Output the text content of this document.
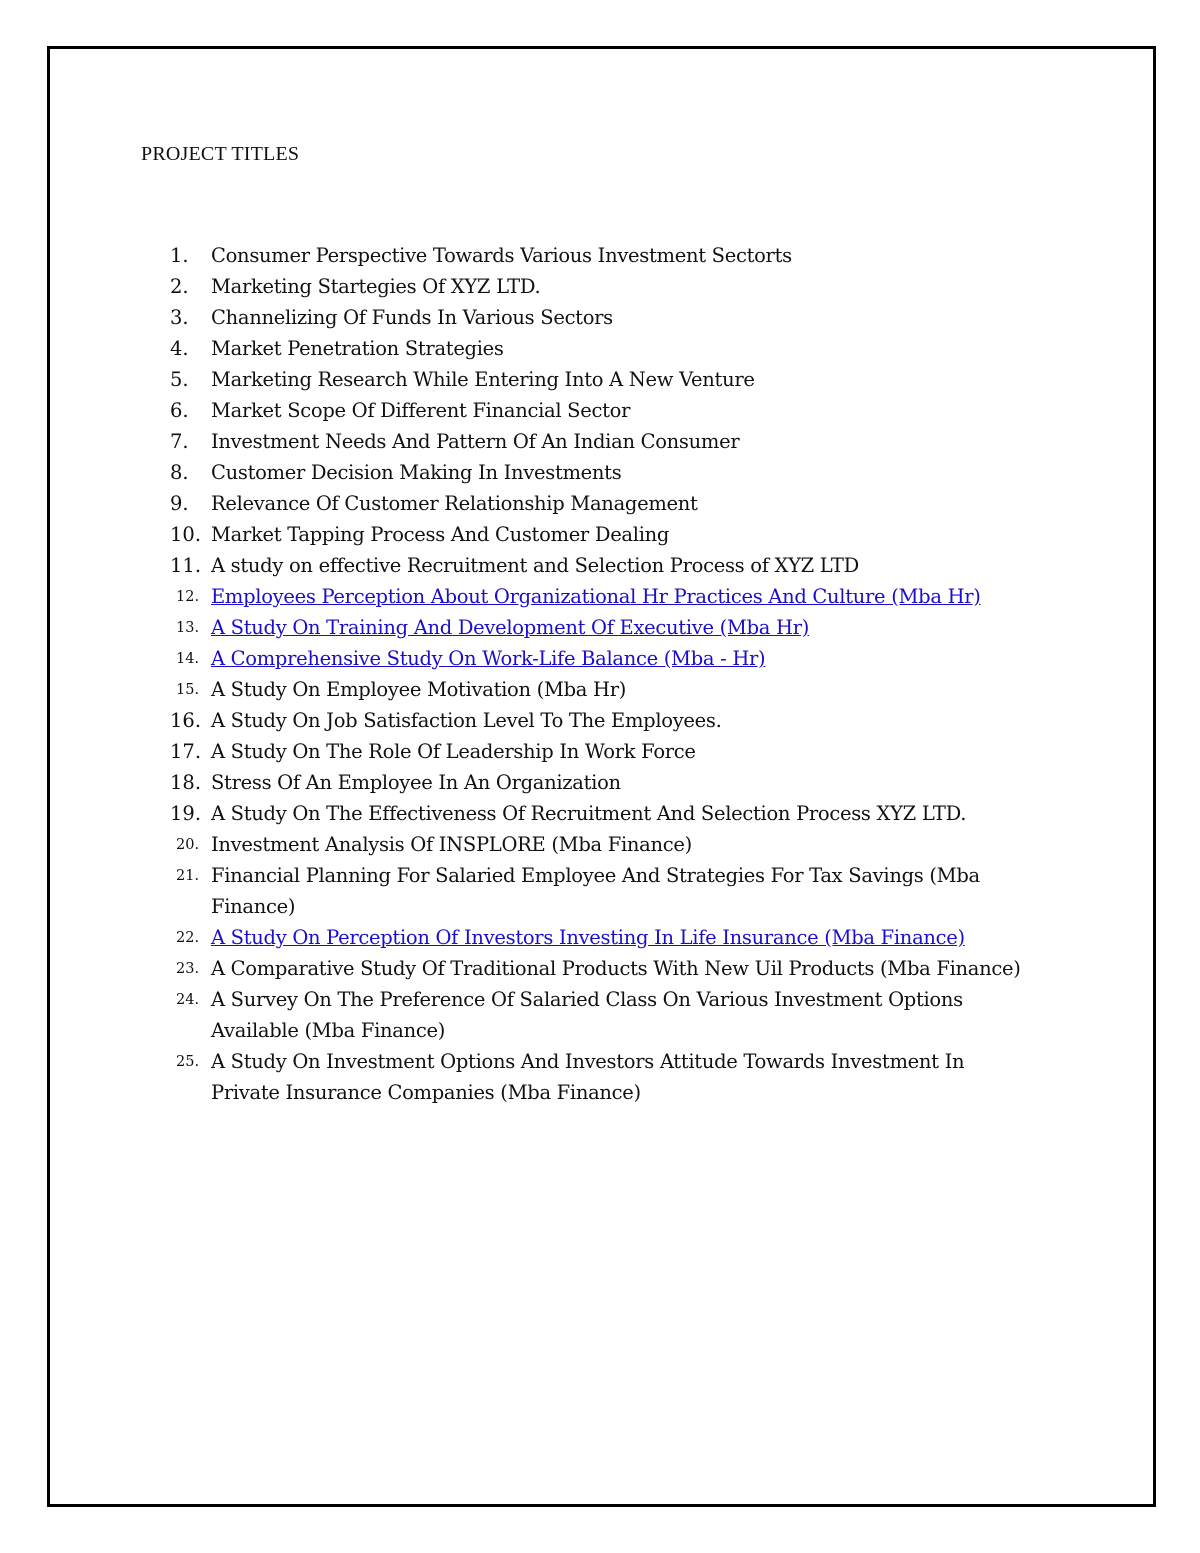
PROJECT TITLES
1.	Consumer Perspective Towards Various Investment Sectorts
2.	Marketing Startegies Of XYZ LTD.
3.	Channelizing Of Funds In Various Sectors
4.	Market Penetration Strategies
5.	Marketing Research While Entering Into A New Venture
6.	Market Scope Of Different Financial Sector
7.	Investment Needs And Pattern Of An Indian Consumer
8.	Customer Decision Making In Investments
9.	Relevance Of Customer Relationship Management
10. Market Tapping Process And Customer Dealing
11. A study on effective Recruitment and Selection Process of XYZ LTD
12. Employees Perception About Organizational Hr Practices And Culture (Mba Hr)
13. A Study On Training And Development Of Executive (Mba Hr)
14. A Comprehensive Study On Work-Life Balance (Mba - Hr)
15. A Study On Employee Motivation (Mba Hr)
16. A Study On Job Satisfaction Level To The Employees.
17. A Study On The Role Of Leadership In Work Force
18. Stress Of An Employee In An Organization
19. A Study On The Effectiveness Of Recruitment And Selection Process XYZ LTD.
20. Investment Analysis Of INSPLORE (Mba Finance)
21. Financial Planning For Salaried Employee And Strategies For Tax Savings (Mba Finance)
22. A Study On Perception Of Investors Investing In Life Insurance (Mba Finance)
23. A Comparative Study Of Traditional Products With New Uil Products (Mba Finance)
24. A Survey On The Preference Of Salaried Class On Various Investment Options Available (Mba Finance)
25. A Study On Investment Options And Investors Attitude Towards Investment In Private Insurance Companies (Mba Finance)
